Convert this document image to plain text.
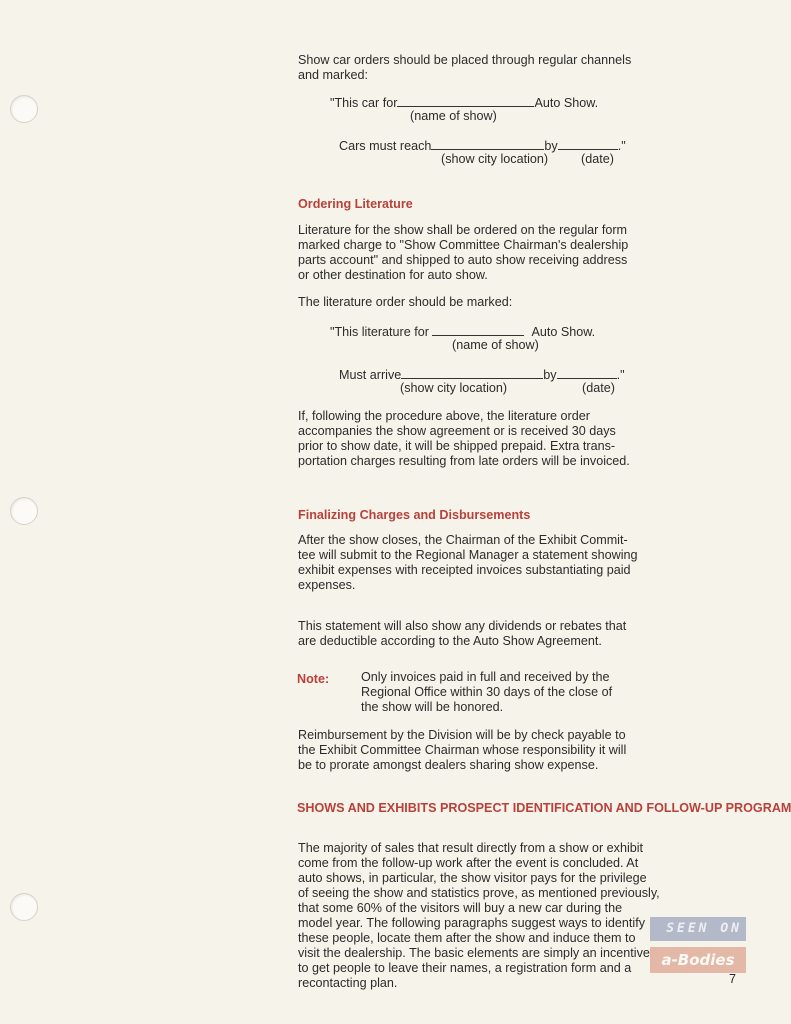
Show car orders should be placed through regular channels
and marked:

"This car for	Auto Show.
(name of show)
Cars must reach	by	."
(show city location)	(date)
Ordering Literature

Literature for the show shall be ordered on the regular form
marked charge to "Show Committee Chairman's dealership
parts account" and shipped to auto show receiving address
or other destination for auto show.

The literature order should be marked:

"This literature for	Auto Show.
(name of show)
Must arrive	by	."
(show city location)	(date)

If, following the procedure above, the literature order
accompanies the show agreement or is received 30 days
prior to show date, it will be shipped prepaid. Extra trans-
portation charges resulting from late orders will be invoiced.

Finalizing Charges and Disbursements

After the show closes, the Chairman of the Exhibit Commit-
tee will submit to the Regional Manager a statement showing
exhibit expenses with receipted invoices substantiating paid
expenses.

This statement will also show any dividends or rebates that
are deductible according to the Auto Show Agreement.

Note:	Only invoices paid in full and received by the
Regional Office within 30 days of the close of
the show will be honored.

Reimbursement by the Division will be by check payable to
the Exhibit Committee Chairman whose responsibility it will
be to prorate amongst dealers sharing show expense.

SHOWS AND EXHIBITS PROSPECT IDENTIFICATION AND FOLLOW-UP PROGRAM

The majority of sales that result directly from a show or exhibit
come from the follow-up work after the event is concluded. At
auto shows, in particular, the show visitor pays for the privilege
of seeing the show and statistics prove, as mentioned previously,
that some 60% of the visitors will buy a new car during the
model year. The following paragraphs suggest ways to identify
these people, locate them after the show and induce them to
visit the dealership. The basic elements are simply an incentive
to get people to leave their names, a registration form and a
recontacting plan.

SEEN ON
a-Bodies
7
